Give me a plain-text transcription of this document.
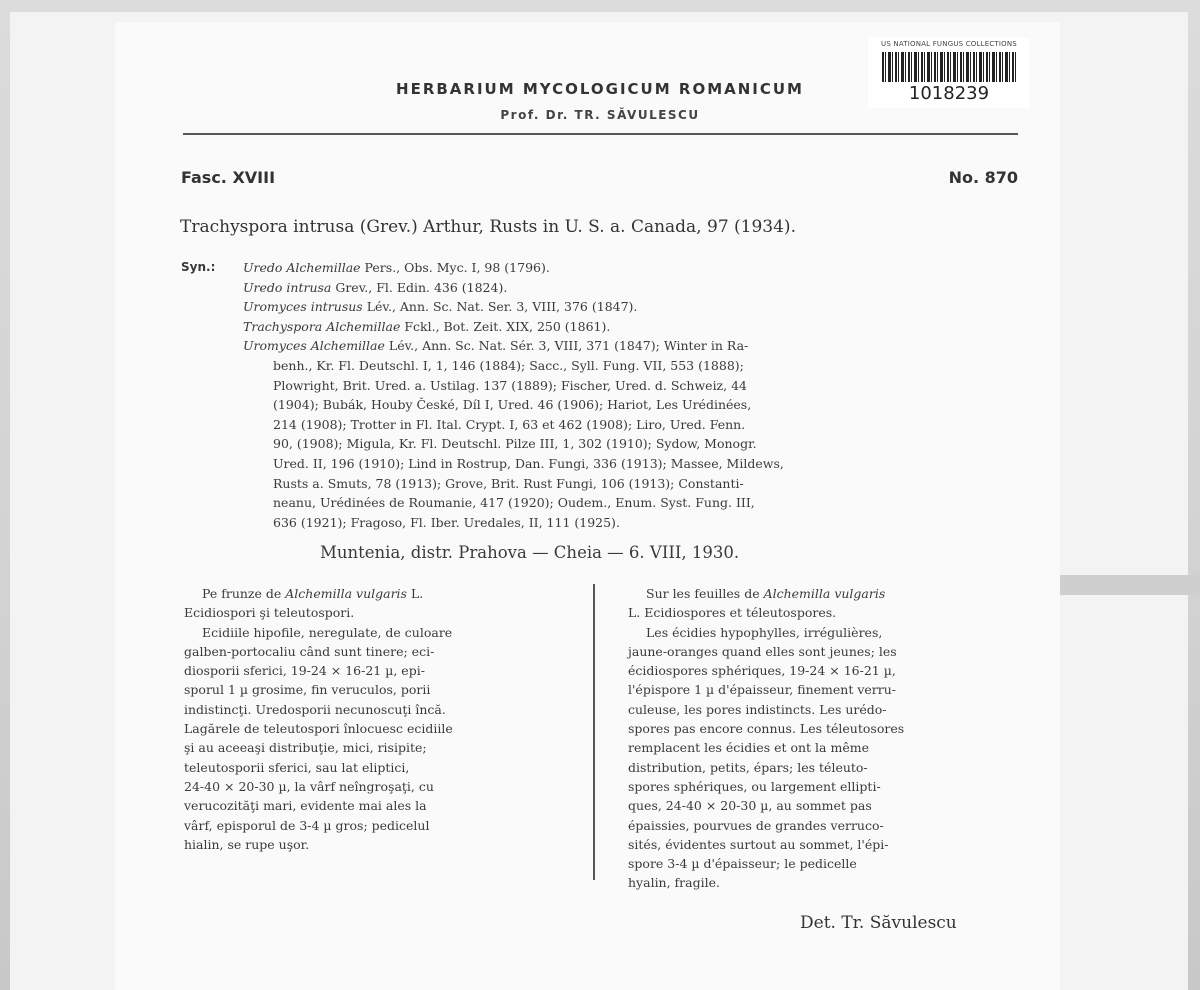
US NATIONAL FUNGUS COLLECTIONS
1018239
HERBARIUM MYCOLOGICUM ROMANICUM
Prof. Dr. TR. SĂVULESCU
Fasc. XVIII	No. 870
Trachyspora intrusa (Grev.) Arthur, Rusts in U. S. a. Canada, 97 (1934).
Syn.: Uredo Alchemillae Pers., Obs. Myc. I, 98 (1796).
Uredo intrusa Grev., Fl. Edin. 436 (1824).
Uromyces intrusus Lév., Ann. Sc. Nat. Ser. 3, VIII, 376 (1847).
Trachyspora Alchemillae Fckl., Bot. Zeit. XIX, 250 (1861).
Uromyces Alchemillae Lév., Ann. Sc. Nat. Sér. 3, VIII, 371 (1847); Winter in Ra-
benh., Kr. Fl. Deutschl. I, 1, 146 (1884); Sacc., Syll. Fung. VII, 553 (1888);
Plowright, Brit. Ured. a. Ustilag. 137 (1889); Fischer, Ured. d. Schweiz, 44
(1904); Bubák, Houby České, Díl I, Ured. 46 (1906); Hariot, Les Urédinées,
214 (1908); Trotter in Fl. Ital. Crypt. I, 63 et 462 (1908); Liro, Ured. Fenn.
90, (1908); Migula, Kr. Fl. Deutschl. Pilze III, 1, 302 (1910); Sydow, Monogr.
Ured. II, 196 (1910); Lind in Rostrup, Dan. Fungi, 336 (1913); Massee, Mildews,
Rusts a. Smuts, 78 (1913); Grove, Brit. Rust Fungi, 106 (1913); Constanti-
neanu, Urédinées de Roumanie, 417 (1920); Oudem., Enum. Syst. Fung. III,
636 (1921); Fragoso, Fl. Iber. Uredales, II, 111 (1925).
Muntenia, distr. Prahova — Cheia — 6. VIII, 1930.
Pe frunze de Alchemilla vulgaris L.
Ecidiospori şi teleutospori.
Ecidiile hipofile, neregulate, de culoare
galben-portocaliu când sunt tinere; eci-
diosporii sferici, 19-24 × 16-21 µ, epi-
sporul 1 µ grosime, fin veruculos, porii
indistincţi. Uredosporii necunoscuţi încă.
Lagărele de teleutospori înlocuesc ecidiile
şi au aceeaşi distribuţie, mici, risipite;
teleutosporii sferici, sau lat eliptici,
24-40 × 20-30 µ, la vârf neîngroşaţi, cu
verucozităţi mari, evidente mai ales la
vârf, episporul de 3-4 µ gros; pedicelul
hialin, se rupe uşor.
Sur les feuilles de Alchemilla vulgaris
L. Ecidiospores et téleutospores.
Les écidies hypophylles, irrégulières,
jaune-oranges quand elles sont jeunes; les
écidiospores sphériques, 19-24 × 16-21 µ,
l'épispore 1 µ d'épaisseur, finement verru-
culeuse, les pores indistincts. Les urédo-
spores pas encore connus. Les téleutosores
remplacent les écidies et ont la même
distribution, petits, épars; les téleuto-
spores sphériques, ou largement ellipti-
ques, 24-40 × 20-30 µ, au sommet pas
épaissies, pourvues de grandes verruco-
sités, évidentes surtout au sommet, l'épi-
spore 3-4 µ d'épaisseur; le pedicelle
hyalin, fragile.
Det. Tr. Săvulescu
